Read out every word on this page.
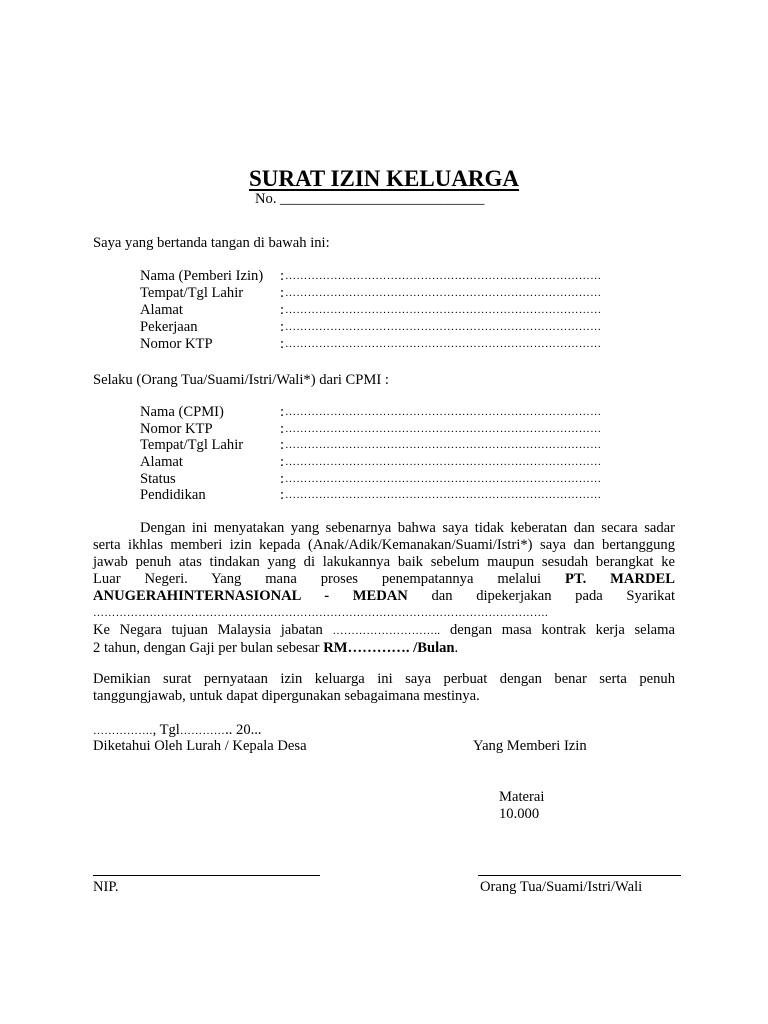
SURAT IZIN KELUARGA
No. ____________________________
Saya yang bertanda tangan di bawah ini:
Nama (Pemberi Izin) : …………………………………………………………………………
Tempat/Tgl Lahir	: …………………………………………………………………………
Alamat	: …………………………………………………………………………
Pekerjaan	: …………………………………………………………………………
Nomor KTP	: …………………………………………………………………………
Selaku (Orang Tua/Suami/Istri/Wali*) dari CPMI :
Nama (CPMI)	: …………………………………………………………………………
Nomor KTP	: …………………………………………………………………………
Tempat/Tgl Lahir	: …………………………………………………………………………
Alamat	: …………………………………………………………………………
Status	: …………………………………………………………………………
Pendidikan	: …………………………………………………………………………
Dengan ini menyatakan yang sebenarnya bahwa saya tidak keberatan dan secara sadar
serta ikhlas memberi izin kepada (Anak/Adik/Kemanakan/Suami/Istri*) saya dan bertanggung
jawab penuh atas tindakan yang di lakukannya baik sebelum maupun sesudah berangkat ke
Luar Negeri. Yang mana proses penempatannya melalui PT. MARDEL
ANUGERAHINTERNASIONAL - MEDAN dan dipekerjakan pada Syarikat
………………………………………………………………………………………………………….
Ke Negara tujuan Malaysia jabatan ……………………….. dengan masa kontrak kerja selama
2 tahun, dengan Gaji per bulan sebesar RM…………. /Bulan.
Demikian surat pernyataan izin keluarga ini saya perbuat dengan benar serta penuh
tanggungjawab, untuk dapat dipergunakan sebagaimana mestinya.
……………., Tgl………….. 20...
Diketahui Oleh Lurah / Kepala Desa	Yang Memberi Izin
Materai
10.000
NIP.	Orang Tua/Suami/Istri/Wali
